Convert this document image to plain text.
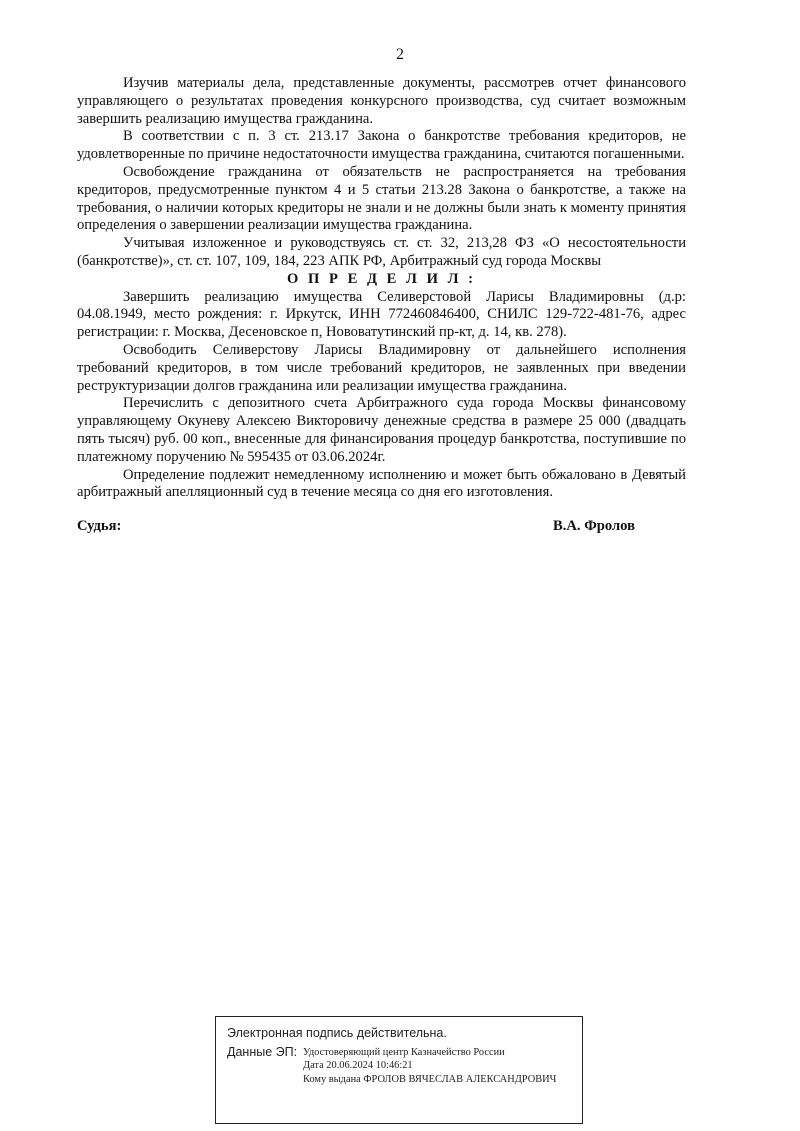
2

Изучив материалы дела, представленные документы, рассмотрев отчет финансового управляющего о результатах проведения конкурсного производства, суд считает возможным завершить реализацию имущества гражданина.

В соответствии с п. 3 ст. 213.17 Закона о банкротстве требования кредиторов, не удовлетворенные по причине недостаточности имущества гражданина, считаются погашенными.

Освобождение гражданина от обязательств не распространяется на требования кредиторов, предусмотренные пунктом 4 и 5 статьи 213.28 Закона о банкротстве, а также на требования, о наличии которых кредиторы не знали и не должны были знать к моменту принятия определения о завершении реализации имущества гражданина.

Учитывая изложенное и руководствуясь ст. ст. 32, 213,28 ФЗ «О несостоятельности (банкротстве)», ст. ст. 107, 109, 184, 223 АПК РФ, Арбитражный суд города Москвы

О П Р Е Д Е Л И Л :

Завершить реализацию имущества Селиверстовой Ларисы Владимировны (д.р: 04.08.1949, место рождения: г. Иркутск, ИНН 772460846400, СНИЛС 129-722-481-76, адрес регистрации: г. Москва, Десеновское п, Нововатутинский пр-кт, д. 14, кв. 278).

Освободить Селиверстову Ларисы Владимировну от дальнейшего исполнения требований кредиторов, в том числе требований кредиторов, не заявленных при введении реструктуризации долгов гражданина или реализации имущества гражданина.

Перечислить с депозитного счета Арбитражного суда города Москвы финансовому управляющему Окуневу Алексею Викторовичу денежные средства в размере 25 000 (двадцать пять тысяч) руб. 00 коп., внесенные для финансирования процедур банкротства, поступившие по платежному поручению № 595435 от 03.06.2024г.

Определение подлежит немедленному исполнению и может быть обжаловано в Девятый арбитражный апелляционный суд в течение месяца со дня его изготовления.

Судья:	В.А. Фролов
Электронная подпись действительна.
Данные ЭП: Удостоверяющий центр Казначейство России
Дата 20.06.2024 10:46:21
Кому выдана ФРОЛОВ ВЯЧЕСЛАВ АЛЕКСАНДРОВИЧ
